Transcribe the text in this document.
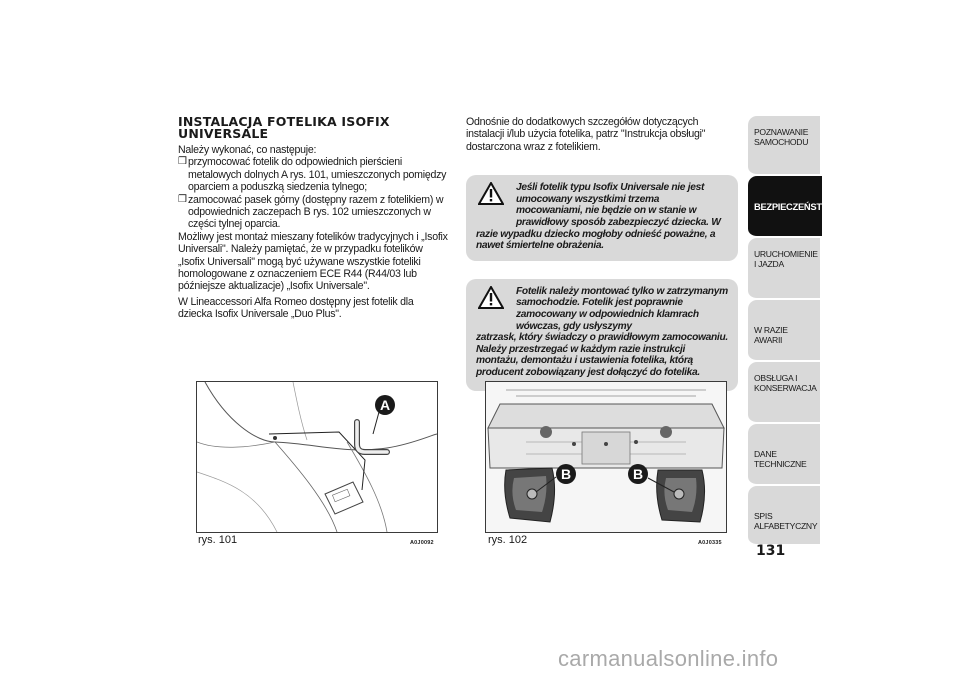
INSTALACJA FOTELIKA ISOFIX
UNIVERSALE

Należy wykonać, co następuje:

❒ przymocować fotelik do odpowiednich pierścieni metalowych dolnych A rys. 101, umieszczonych pomiędzy oparciem a poduszką siedzenia tylnego;
❒ zamocować pasek górny (dostępny razem z fotelikiem) w odpowiednich zaczepach B rys. 102 umieszczonych w części tylnej oparcia.

Możliwy jest montaż mieszany fotelików tradycyjnych i „Isofix Universali". Należy pamiętać, że w przypadku fotelików „Isofix Universali" mogą być używane wszystkie foteliki homologowane z oznaczeniem ECE R44 (R44/03 lub późniejsze aktualizacje) „Isofix Universale".

W Lineaccessori Alfa Romeo dostępny jest fotelik dla dziecka Isofix Universale „Duo Plus".

Odnośnie do dodatkowych szczegółów dotyczących instalacji i/lub użycia fotelika, patrz "Instrukcja obsługi" dostarczona wraz z fotelikiem.

Jeśli fotelik typu Isofix Universale nie jest umocowany wszystkimi trzema mocowaniami, nie będzie on w stanie w prawidłowy sposób zabezpieczyć dziecka. W
razie wypadku dziecko mogłoby odnieść poważne, a nawet śmiertelne obrażenia.

Fotelik należy montować tylko w zatrzymanym samochodzie. Fotelik jest poprawnie zamocowany w odpowiednich klamrach wówczas, gdy usłyszymy
zatrzask, który świadczy o prawidłowym zamocowaniu. Należy przestrzegać w każdym razie instrukcji montażu, demontażu i ustawienia fotelika, którą producent zobowiązany jest dołączyć do fotelika.

A
rys. 101	A0J0092
B	B
rys. 102	A0J0335
POZNAWANIE SAMOCHODU
BEZPIECZEŃSTWO
URUCHOMIENIE I JAZDA
W RAZIE AWARII
OBSŁUGA I KONSERWACJA
DANE TECHNICZNE
SPIS ALFABETYCZNY
131
carmanualsonline.info
